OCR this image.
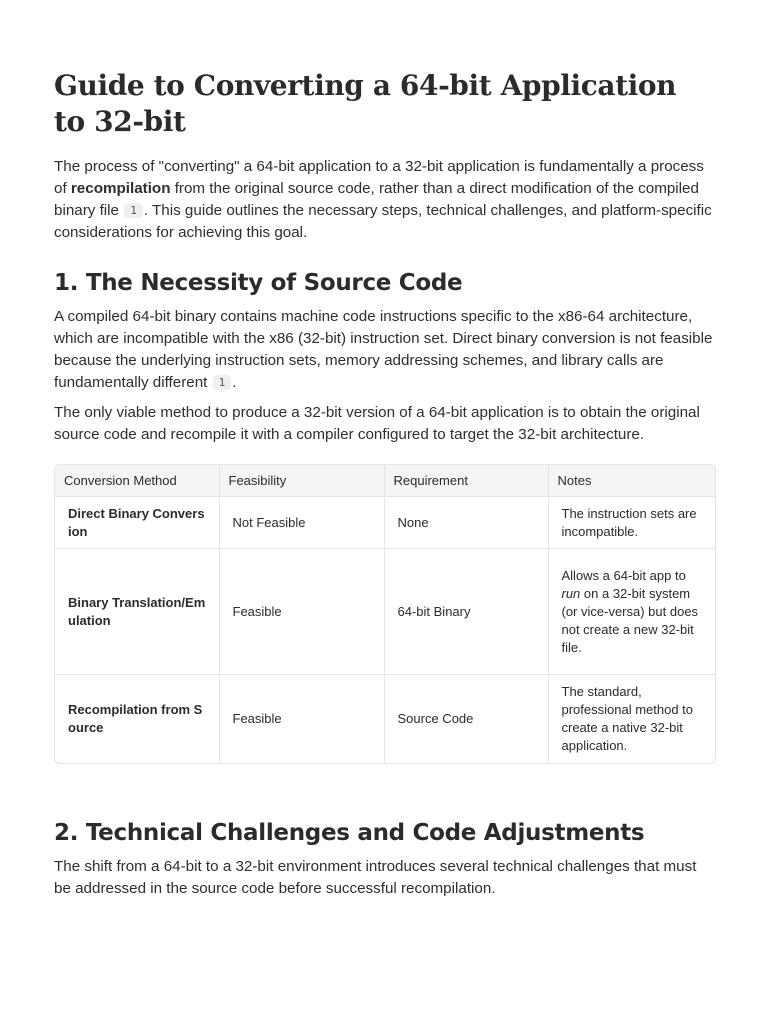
Guide to Converting a 64-bit Application to 32-bit

The process of "converting" a 64-bit application to a 32-bit application is fundamentally a process of recompilation from the original source code, rather than a direct modification of the compiled binary file 1 . This guide outlines the necessary steps, technical challenges, and platform-specific considerations for achieving this goal.

1. The Necessity of Source Code

A compiled 64-bit binary contains machine code instructions specific to the x86-64 architecture, which are incompatible with the x86 (32-bit) instruction set. Direct binary conversion is not feasible because the underlying instruction sets, memory addressing schemes, and library calls are fundamentally different 1 .

The only viable method to produce a 32-bit version of a 64-bit application is to obtain the original source code and recompile it with a compiler configured to target the 32-bit architecture.

Conversion Method	Feasibility	Requirement	Notes
Direct Binary Conversion	Not Feasible	None	The instruction sets are incompatible.
Binary Translation/Emulation	Feasible	64-bit Binary	Allows a 64-bit app to run on a 32-bit system (or vice-versa) but does not create a new 32-bit file.
Recompilation from Source	Feasible	Source Code	The standard, professional method to create a native 32-bit application.
2. Technical Challenges and Code Adjustments

The shift from a 64-bit to a 32-bit environment introduces several technical challenges that must be addressed in the source code before successful recompilation.
